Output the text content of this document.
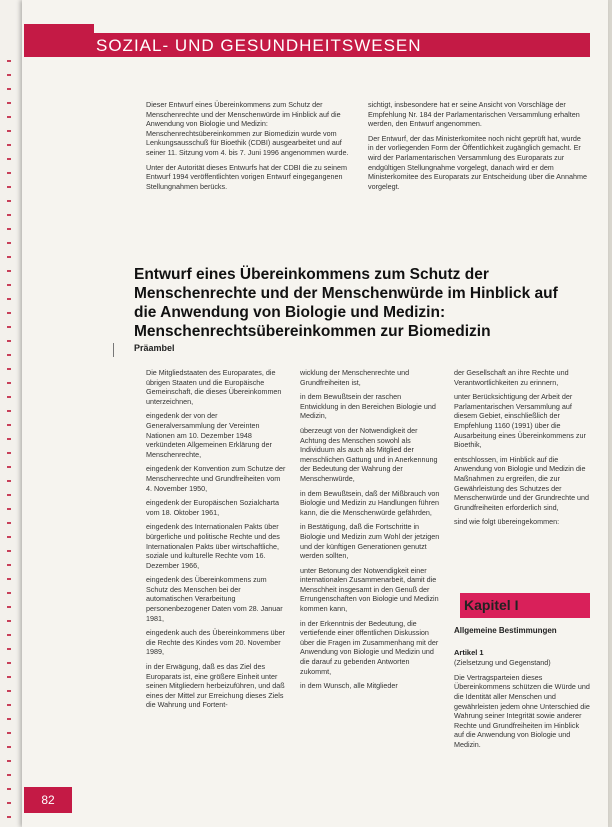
SOZIAL- UND GESUNDHEITSWESEN

Dieser Entwurf eines Übereinkommens zum Schutz der Menschenrechte und der Menschenwürde im Hinblick auf die Anwendung von Biologie und Medizin: Menschenrechtsübereinkommen zur Biomedizin wurde vom Lenkungsausschuß für Bioethik (CDBI) ausgearbeitet und auf seiner 11. Sitzung vom 4. bis 7. Juni 1996 angenommen wurde.

Unter der Autorität dieses Entwurfs hat der CDBI die zu seinem Entwurf 1994 veröffentlichten vorigen Entwurf eingegangenen Stellungnahmen berücks.

sichtigt, insbesondere hat er seine Ansicht von Vorschläge der Empfehlung Nr. 184 der Parlamentarischen Versammlung erhalten werden, den Entwurf angenommen.

Der Entwurf, der das Ministerkomitee noch nicht geprüft hat, wurde in der vorliegenden Form der Öffentlichkeit zugänglich gemacht. Er wird der Parlamentarischen Versammlung des Europarats zur endgültigen Stellungnahme vorgelegt, danach wird er dem Ministerkomitee des Europarats zur Entscheidung über die Annahme vorgelegt.

Entwurf eines Übereinkommens zum Schutz der Menschenrechte und der Menschenwürde im Hinblick auf die Anwendung von Biologie und Medizin: Menschenrechtsübereinkommen zur Biomedizin
Präambel

Die Mitgliedstaaten des Europarates, die übrigen Staaten und die Europäische Gemeinschaft, die dieses Übereinkommen unterzeichnen,

eingedenk der von der Generalversammlung der Vereinten Nationen am 10. Dezember 1948 verkündeten Allgemeinen Erklärung der Menschenrechte,

eingedenk der Konvention zum Schutze der Menschenrechte und Grundfreiheiten vom 4. November 1950,

eingedenk der Europäischen Sozialcharta vom 18. Oktober 1961,

eingedenk des Internationalen Pakts über bürgerliche und politische Rechte und des Internationalen Pakts über wirtschaftliche, soziale und kulturelle Rechte vom 16. Dezember 1966,

eingedenk des Übereinkommens zum Schutz des Menschen bei der automatischen Verarbeitung personenbezogener Daten vom 28. Januar 1981,

eingedenk auch des Übereinkommens über die Rechte des Kindes vom 20. November 1989,

in der Erwägung, daß es das Ziel des Europarats ist, eine größere Einheit unter seinen Mitgliedern herbeizuführen, und daß eines der Mittel zur Erreichung dieses Ziels die Wahrung und Fortent-

wicklung der Menschenrechte und Grundfreiheiten ist,

in dem Bewußtsein der raschen Entwicklung in den Bereichen Biologie und Medizin,

überzeugt von der Notwendigkeit der Achtung des Menschen sowohl als Individuum als auch als Mitglied der menschlichen Gattung und in Anerkennung der Bedeutung der Wahrung der Menschenwürde,

in dem Bewußtsein, daß der Mißbrauch von Biologie und Medizin zu Handlungen führen kann, die die Menschenwürde gefährden,

in Bestätigung, daß die Fortschritte in Biologie und Medizin zum Wohl der jetzigen und der künftigen Generationen genutzt werden sollten,

unter Betonung der Notwendigkeit einer internationalen Zusammenarbeit, damit die Menschheit insgesamt in den Genuß der Errungenschaften von Biologie und Medizin kommen kann,

in der Erkenntnis der Bedeutung, die vertiefende einer öffentlichen Diskussion über die Fragen im Zusammenhang mit der Anwendung von Biologie und Medizin und die darauf zu gebenden Antworten zukommt,

in dem Wunsch, alle Mitglieder

der Gesellschaft an ihre Rechte und Verantwortlichkeiten zu erinnern,

unter Berücksichtigung der Arbeit der Parlamentarischen Versammlung auf diesem Gebiet, einschließlich der Empfehlung 1160 (1991) über die Ausarbeitung eines Übereinkommens zur Bioethik,

entschlossen, im Hinblick auf die Anwendung von Biologie und Medizin die Maßnahmen zu ergreifen, die zur Gewährleistung des Schutzes der Menschenwürde und der Grundrechte und Grundfreiheiten erforderlich sind,

sind wie folgt übereingekommen:

Kapitel I

Allgemeine Bestimmungen

Artikel 1

(Zielsetzung und Gegenstand)

Die Vertragsparteien dieses Übereinkommens schützen die Würde und die Identität aller Menschen und gewährleisten jedem ohne Unterschied die Wahrung seiner Integrität sowie anderer Rechte und Grundfreiheiten im Hinblick auf die Anwendung von Biologie und Medizin.

82
